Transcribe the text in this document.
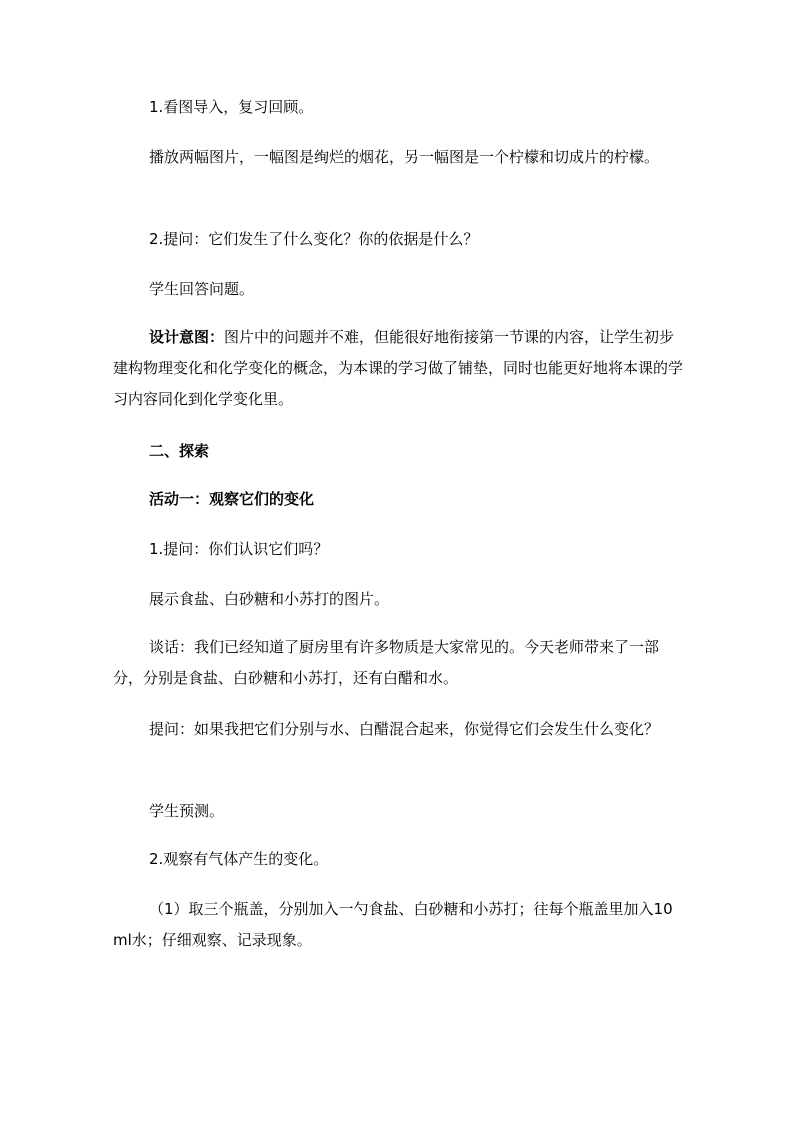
1.看图导入，复习回顾。

播放两幅图片，一幅图是绚烂的烟花，另一幅图是一个柠檬和切成片的柠檬。

2.提问：它们发生了什么变化？你的依据是什么？

学生回答问题。

设计意图：图片中的问题并不难，但能很好地衔接第一节课的内容，让学生初步建构物理变化和化学变化的概念，为本课的学习做了铺垫，同时也能更好地将本课的学习内容同化到化学变化里。

二、探索

活动一：观察它们的变化

1.提问：你们认识它们吗？

展示食盐、白砂糖和小苏打的图片。

谈话：我们已经知道了厨房里有许多物质是大家常见的。今天老师带来了一部分，分别是食盐、白砂糖和小苏打，还有白醋和水。

提问：如果我把它们分别与水、白醋混合起来，你觉得它们会发生什么变化？

学生预测。

2.观察有气体产生的变化。

（1）取三个瓶盖，分别加入一勺食盐、白砂糖和小苏打；往每个瓶盖里加入10ml水；仔细观察、记录现象。
